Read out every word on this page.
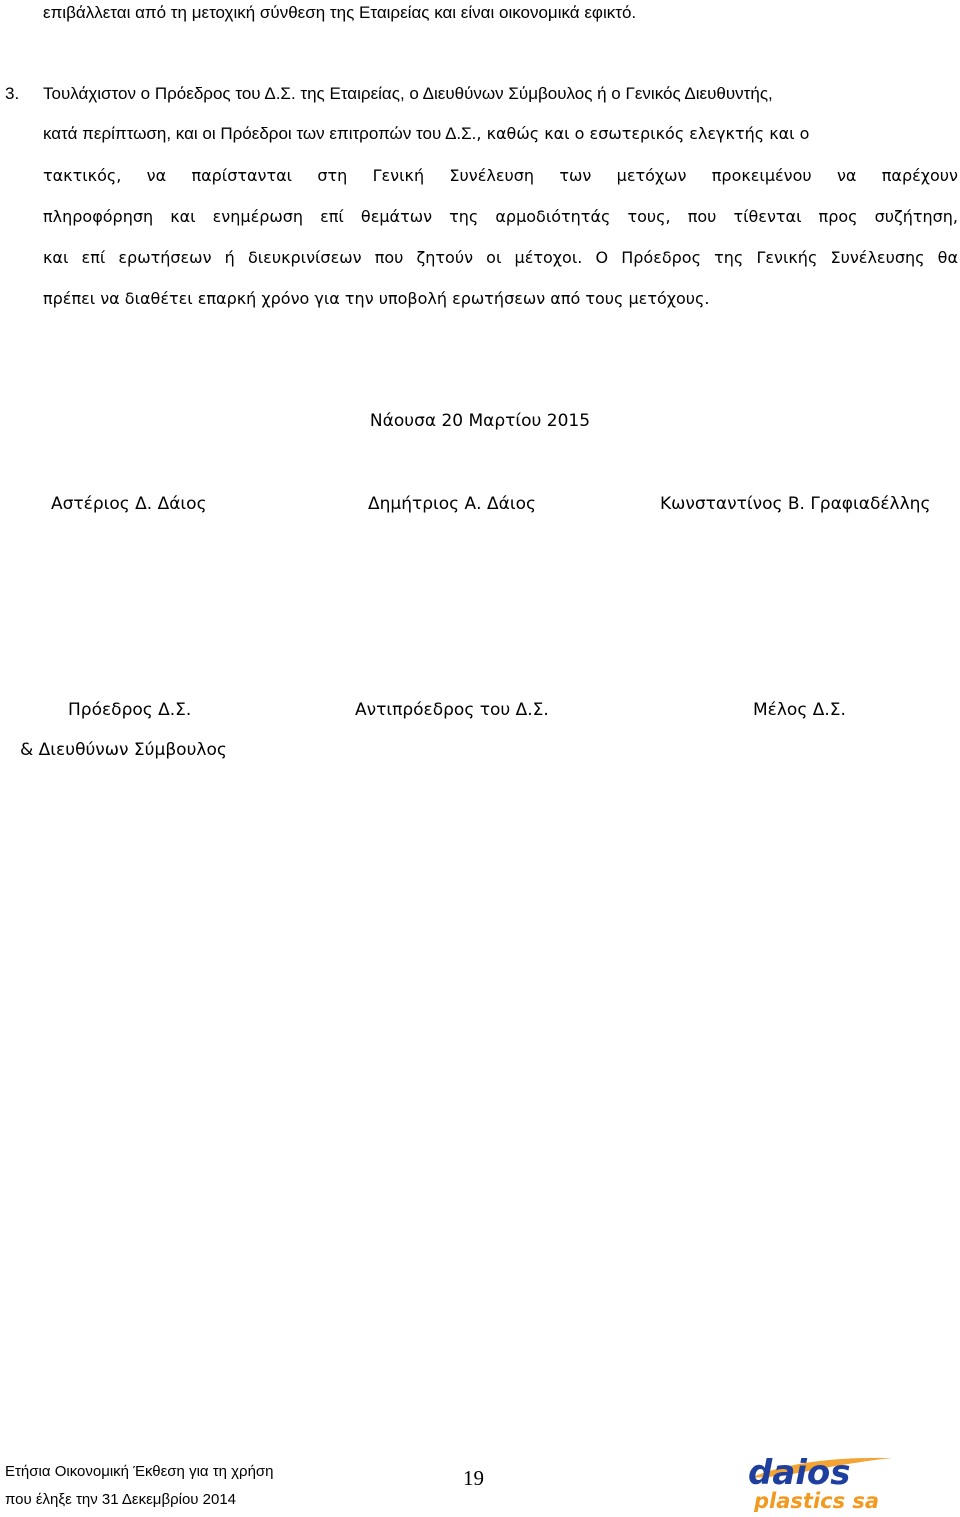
επιβάλλεται από τη μετοχική σύνθεση της Εταιρείας και είναι οικονομικά εφικτό.
3. Τουλάχιστον ο Πρόεδρος του Δ.Σ. της Εταιρείας, ο Διευθύνων Σύμβουλος ή ο Γενικός Διευθυντής,
κατά περίπτωση, και οι Πρόεδροι των επιτροπών του Δ.Σ., καθώς και ο εσωτερικός ελεγκτής και ο
τακτικός, να παρίστανται στη Γενική Συνέλευση των μετόχων προκειμένου να παρέχουν
πληροφόρηση και ενημέρωση επί θεμάτων της αρμοδιότητάς τους, που τίθενται προς συζήτηση,
και επί ερωτήσεων ή διευκρινίσεων που ζητούν οι μέτοχοι. Ο Πρόεδρος της Γενικής Συνέλευσης θα
πρέπει να διαθέτει επαρκή χρόνο για την υποβολή ερωτήσεων από τους μετόχους.
Νάουσα 20 Μαρτίου 2015
Αστέριος Δ. Δάιος	Δημήτριος Α. Δάιος	Κωνσταντίνος Β. Γραφιαδέλλης
Πρόεδρος Δ.Σ.
& Διευθύνων Σύμβουλος
Αντιπρόεδρος του Δ.Σ.	Μέλος Δ.Σ.
Ετήσια Οικονομική Έκθεση για τη χρήση
που έληξε την 31 Δεκεμβρίου 2014
19	daios
plastics sa
